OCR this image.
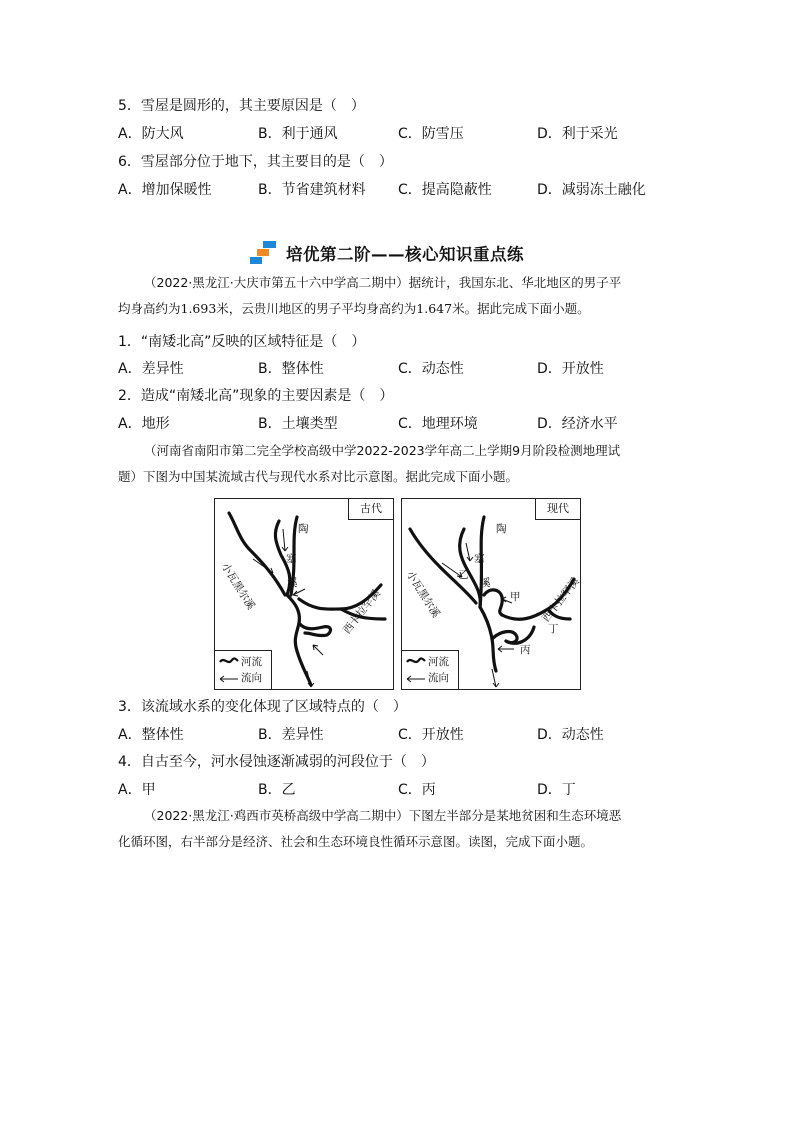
5．雪屋是圆形的，其主要原因是（　）
A．防大风	B．利于通风	C．防雪压	D．利于采光
6．雪屋部分位于地下，其主要目的是（　）
A．增加保暖性	B．节省建筑材料 C．提高隐蔽性	D．减弱冻土融化
培优第二阶——核心知识重点练
（2022·黑龙江·大庆市第五十六中学高二期中）据统计，我国东北、华北地区的男子平
均身高约为1.693米，云贵川地区的男子平均身高约为1.647米。据此完成下面小题。
1．“南矮北高”反映的区域特征是（　）
A．差异性	B．整体性	C．动态性	D．开放性
2．造成“南矮北高”现象的主要因素是（　）
A．地形	B．土壤类型	C．地理环境	D．经济水平
（河南省南阳市第二完全学校高级中学2022-2023学年高二上学期9月阶段检测地理试
题）下图为中国某流域古代与现代水系对比示意图。据此完成下面小题。
古代
陶
塞
溪
小瓦黑尔溪
西卡拉罕溪
河流
流向
现代
陶
塞
乙
溪
甲
丙
丁
小瓦黑尔溪	西卡拉罕溪
河流
流向
3．该流域水系的变化体现了区域特点的（　）
A．整体性	B．差异性	C．开放性	D．动态性
4．自古至今，河水侵蚀逐渐减弱的河段位于（　）
A．甲	B．乙	C．丙	D．丁
（2022·黑龙江·鸡西市英桥高级中学高二期中）下图左半部分是某地贫困和生态环境恶
化循环图，右半部分是经济、社会和生态环境良性循环示意图。读图，完成下面小题。
